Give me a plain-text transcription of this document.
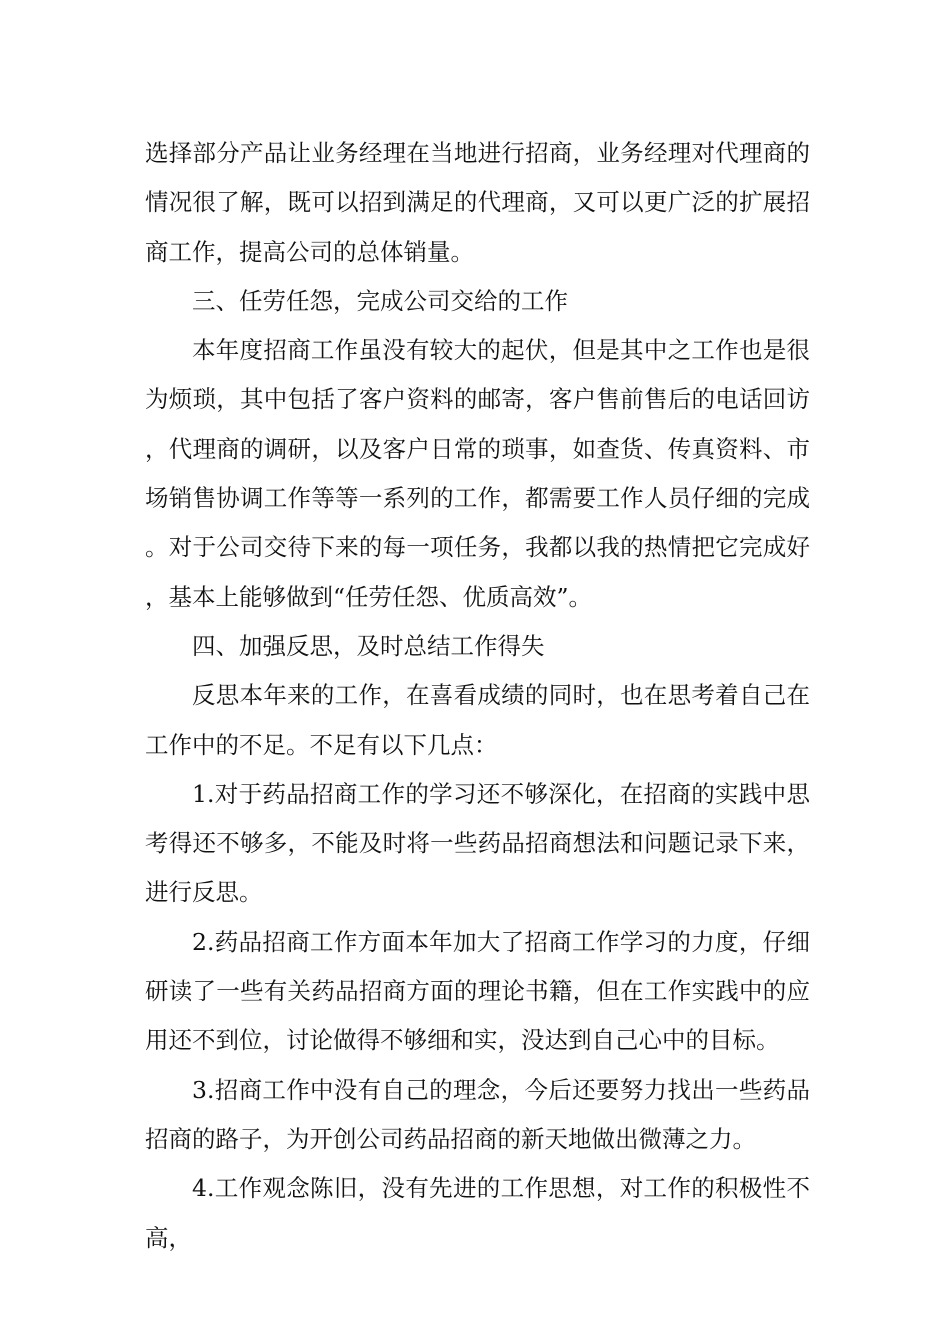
选择部分产品让业务经理在当地进行招商，业务经理对代理商的情况很了解，既可以招到满足的代理商，又可以更广泛的扩展招商工作，提高公司的总体销量。

三、任劳任怨，完成公司交给的工作

本年度招商工作虽没有较大的起伏，但是其中之工作也是很为烦琐，其中包括了客户资料的邮寄，客户售前售后的电话回访，代理商的调研，以及客户日常的琐事，如查货、传真资料、市场销售协调工作等等一系列的工作，都需要工作人员仔细的完成。对于公司交待下来的每一项任务，我都以我的热情把它完成好，基本上能够做到“任劳任怨、优质高效”。

四、加强反思，及时总结工作得失

反思本年来的工作，在喜看成绩的同时，也在思考着自己在工作中的不足。不足有以下几点：

1.对于药品招商工作的学习还不够深化，在招商的实践中思考得还不够多，不能及时将一些药品招商想法和问题记录下来，进行反思。

2.药品招商工作方面本年加大了招商工作学习的力度，仔细研读了一些有关药品招商方面的理论书籍，但在工作实践中的应用还不到位，讨论做得不够细和实，没达到自己心中的目标。

3.招商工作中没有自己的理念，今后还要努力找出一些药品招商的路子，为开创公司药品招商的新天地做出微薄之力。

4.工作观念陈旧，没有先进的工作思想，对工作的积极性不高，
